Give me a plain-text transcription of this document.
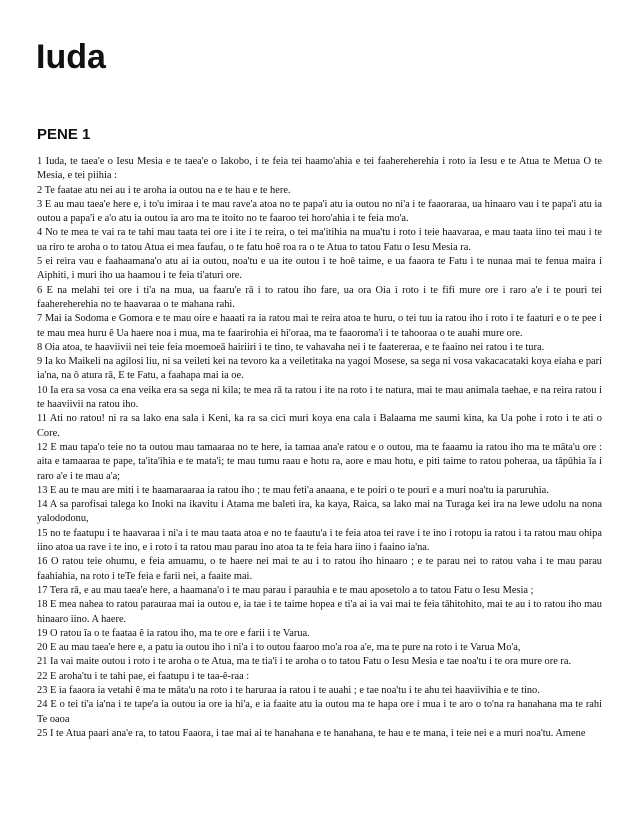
Iuda
PENE 1

1 Iuda, te taea'e o Iesu Mesia e te taea'e o Iakobo, i te feia tei haamo'ahia e tei faahereherehia i roto ia Iesu e te Atua te Metua O te Mesia, e tei piihia :

2 Te faatae atu nei au i te aroha ia outou na e te hau e te here.

3 E au mau taea'e here e, i to'u imiraa i te mau rave'a atoa no te papa'i atu ia outou no ni'a i te faaoraraa, ua hinaaro vau i te papa'i atu ia outou a papa'i e a'o atu ia outou ia aro ma te itoito no te faaroo tei horo'ahia i te feia mo'a.

4 No te mea te vai ra te tahi mau taata tei ore i ite i te reira, o tei ma'itihia na mua'tu i roto i teie haavaraa, e mau taata iino tei mau i te ua riro te aroha o to tatou Atua ei mea faufau, o te fatu hoê roa ra o te Atua to tatou Fatu o Iesu Mesia ra.

5 ei reira vau e faahaamana'o atu ai ia outou, noa'tu e ua ite outou i te hoê taime, e ua faaora te Fatu i te nunaa mai te fenua maira i Aiphiti, i muri iho ua haamou i te feia ti'aturi ore.

6 E na melahi tei ore i ti'a na mua, ua faaru'e rā i to ratou iho fare, ua ora Oia i roto i te fifi mure ore i raro a'e i te pouri tei faahereherehia no te haavaraa o te mahana rahi.

7 Mai ia Sodoma e Gomora e te mau oire e haaati ra ia ratou mai te reira atoa te huru, o tei tuu ia ratou iho i roto i te faaturi e o te pee i te mau mea huru ê Ua haere noa i mua, ma te faarirohia ei hi'oraa, ma te faaoroma'i i te tahooraa o te auahi mure ore.

8 Oia atoa, te haaviivii nei teie feia moemoeā hairiiri i te tino, te vahavaha nei i te faatereraa, e te faaino nei ratou i te tura.

9 Ia ko Maikeli na agilosi liu, ni sa veileti kei na tevoro ka a veiletitaka na yagoi Mosese, sa sega ni vosa vakacacataki koya eiaha e pari ia'na, na ô atura rā, E te Fatu, a faahapa mai ia oe.

10 Ia era sa vosa ca ena veika era sa sega ni kila; te mea rā ta ratou i ite na roto i te natura, mai te mau animala taehae, e na reira ratou i te haaviivii na ratou iho.

11 Ati no ratou! ni ra sa lako ena sala i Keni, ka ra sa cici muri koya ena cala i Balaama me saumi kina, ka Ua pohe i roto i te ati o Core.

12 E mau tapa'o teie no ta outou mau tamaaraa no te here, ia tamaa ana'e ratou e o outou, ma te faaamu ia ratou iho ma te māta'u ore : aita e tamaaraa te pape, ta'ita'ihia e te mata'i; te mau tumu raau e hotu ra, aore e mau hotu, e piti taime to ratou poheraa, ua tāpūhia īa i raro a'e i te mau a'a;

13 E au te mau are miti i te haamaraaraa ia ratou iho ; te mau feti'a anaana, e te poiri o te pouri e a muri noa'tu ia paruruhia.

14 A sa parofisai talega ko Inoki na ikavitu i Atama me baleti ira, ka kaya, Raica, sa lako mai na Turaga kei ira na lewe udolu na nona yalododonu,

15 no te faatupu i te haavaraa i ni'a i te mau taata atoa e no te faautu'a i te feia atoa tei rave i te ino i rotopu ia ratou i ta ratou mau ohipa iino atoa ua rave i te ino, e i roto i ta ratou mau parau ino atoa ta te feia hara iino i faaino ia'na.

16 O ratou teie ohumu, e feia amuamu, o te haere nei mai te au i to ratou iho hinaaro ; e te parau nei to ratou vaha i te mau parau faahiahia, na roto i teTe feia e farii nei, a faaite mai.

17 Tera rā, e au mau taea'e here, a haamana'o i te mau parau i parauhia e te mau aposetolo a to tatou Fatu o Iesu Mesia ;

18 E mea nahea to ratou parauraa mai ia outou e, ia tae i te taime hopea e ti'a ai ia vai mai te feia tāhitohito, mai te au i to ratou iho mau hinaaro iino. A haere.

19 O ratou īa o te faataa ê ia ratou iho, ma te ore e farii i te Varua.

20 E au mau taea'e here e, a patu ia outou iho i ni'a i to outou faaroo mo'a roa a'e, ma te pure na roto i te Varua Mo'a,

21 Ia vai maite outou i roto i te aroha o te Atua, ma te tia'i i te aroha o to tatou Fatu o Iesu Mesia e tae noa'tu i te ora mure ore ra.

22 E aroha'tu i te tahi pae, ei faatupu i te taa-ê-raa :

23 E ia faaora ia vetahi ê ma te māta'u na roto i te haruraa ia ratou i te auahi ; e tae noa'tu i te ahu tei haaviivihia e te tino.

24 E o tei ti'a ia'na i te tape'a ia outou ia ore ia hi'a, e ia faaite atu ia outou ma te hapa ore i mua i te aro o to'na ra hanahana ma te rahi Te oaoa

25 I te Atua paari ana'e ra, to tatou Faaora, i tae mai ai te hanahana e te hanahana, te hau e te mana, i teie nei e a muri noa'tu. Amene
